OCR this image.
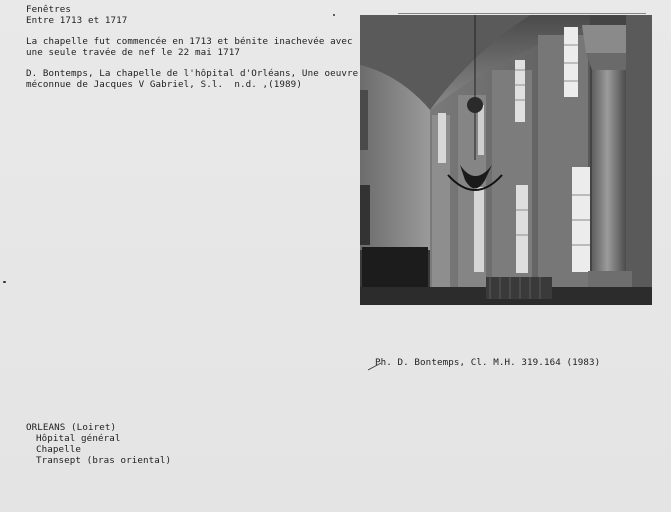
Fenêtres
Entre 1713 et 1717
La chapelle fut commencée en 1713 et bénite inachevée avec
une seule travée de nef le 22 mai 1717
D. Bontemps, La chapelle de l'hôpital d'Orléans, Une oeuvre
méconnue de Jacques V Gabriel, S.l.  n.d. ,(1989)
Ph. D. Bontemps, Cl. M.H. 319.164 (1983)
ORLEANS (Loiret)
Hôpital général
Chapelle
Transept (bras oriental)
